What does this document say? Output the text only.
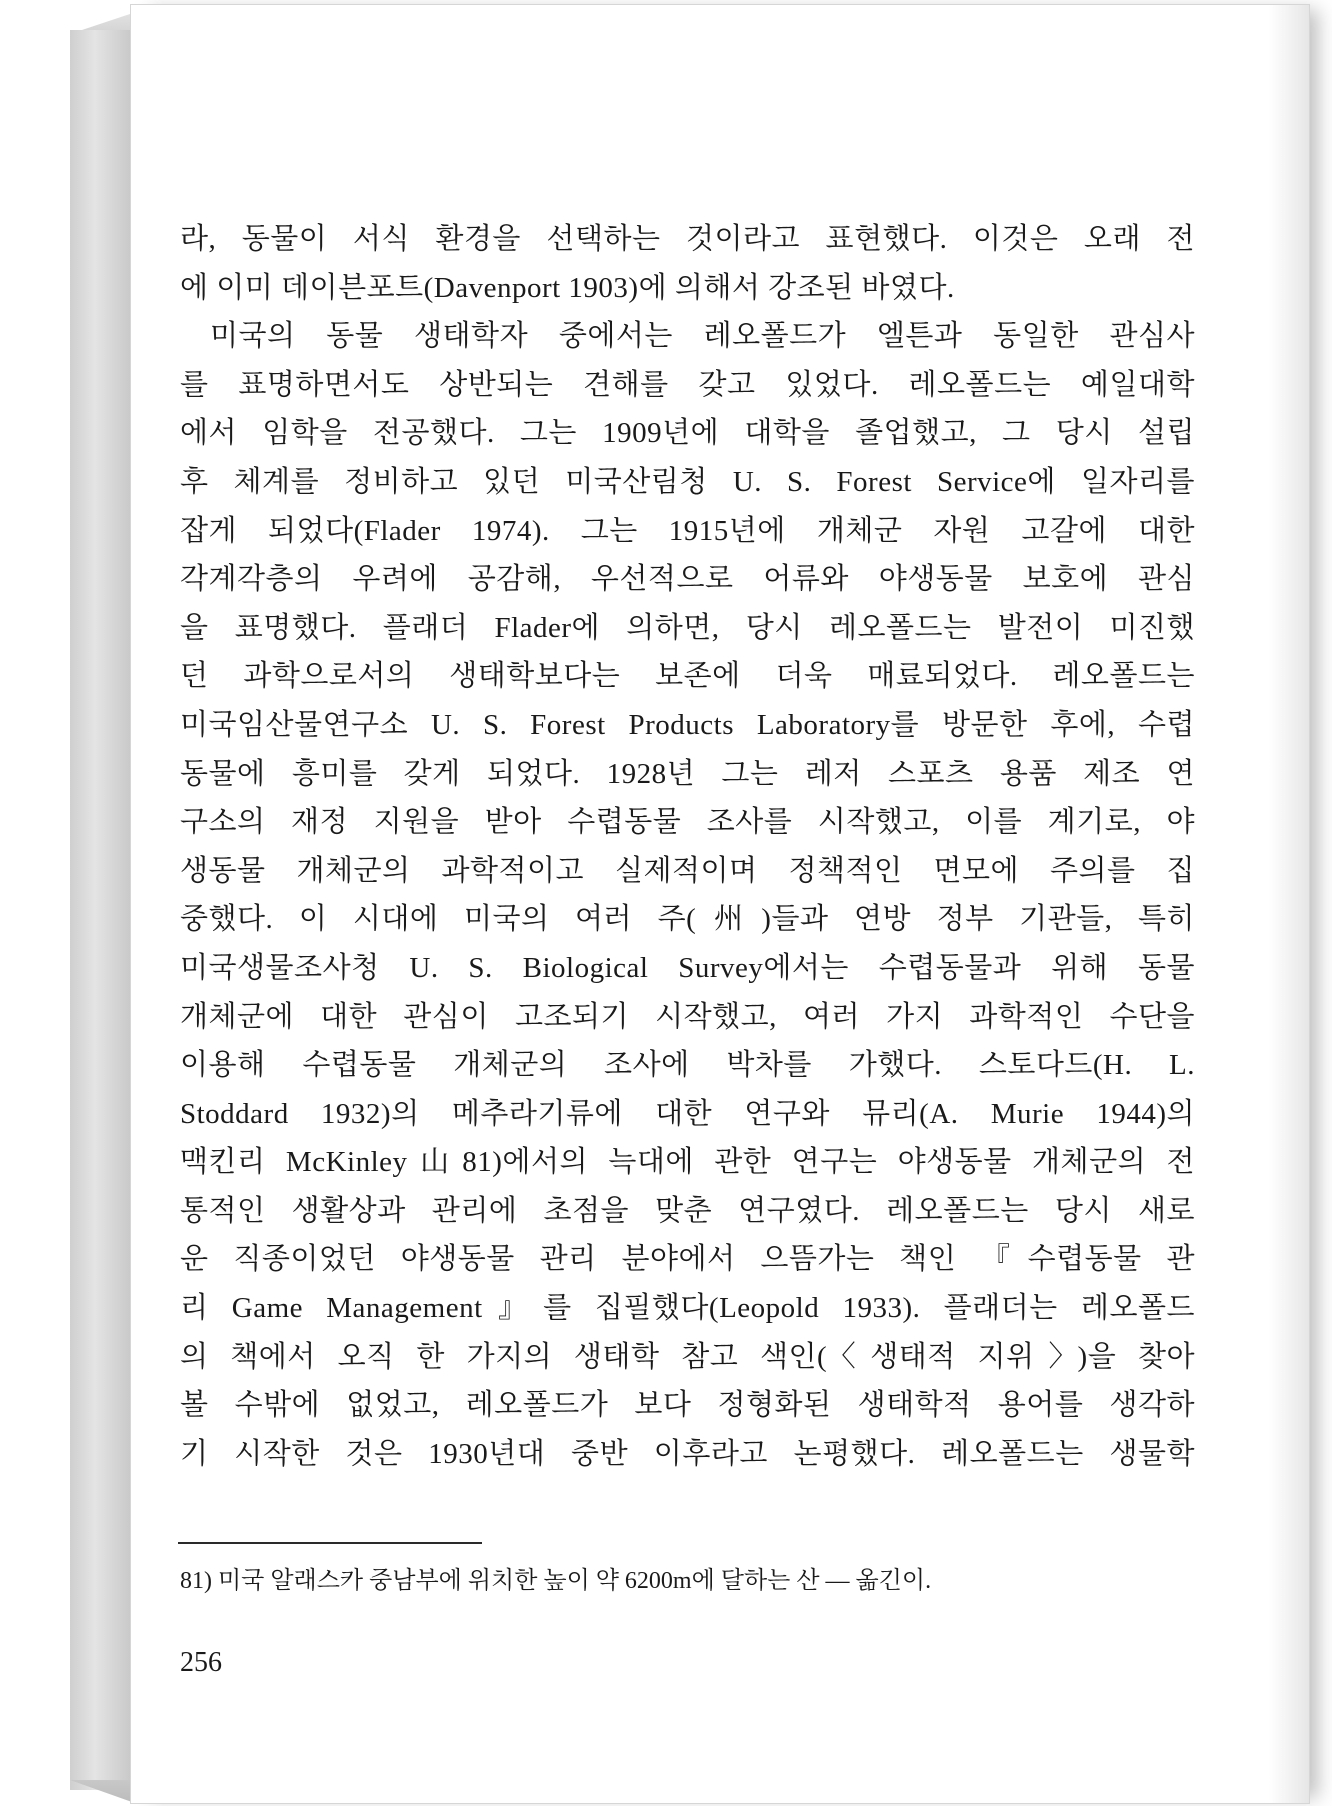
라, 동물이 서식 환경을 선택하는 것이라고 표현했다. 이것은 오래 전
에 이미 데이븐포트(Davenport 1903)에 의해서 강조된 바였다.
미국의 동물 생태학자 중에서는 레오폴드가 엘튼과 동일한 관심사
를 표명하면서도 상반되는 견해를 갖고 있었다. 레오폴드는 예일대학
에서 임학을 전공했다. 그는 1909년에 대학을 졸업했고, 그 당시 설립
후 체계를 정비하고 있던 미국산림청 U. S. Forest Service에 일자리를
잡게 되었다(Flader 1974). 그는 1915년에 개체군 자원 고갈에 대한
각계각층의 우려에 공감해, 우선적으로 어류와 야생동물 보호에 관심
을 표명했다. 플래더 Flader에 의하면, 당시 레오폴드는 발전이 미진했
던 과학으로서의 생태학보다는 보존에 더욱 매료되었다. 레오폴드는
미국임산물연구소 U. S. Forest Products Laboratory를 방문한 후에, 수렵
동물에 흥미를 갖게 되었다. 1928년 그는 레저 스포츠 용품 제조 연
구소의 재정 지원을 받아 수렵동물 조사를 시작했고, 이를 계기로, 야
생동물 개체군의 과학적이고 실제적이며 정책적인 면모에 주의를 집
중했다. 이 시대에 미국의 여러 주(州)들과 연방 정부 기관들, 특히
미국생물조사청 U. S. Biological Survey에서는 수렵동물과 위해 동물
개체군에 대한 관심이 고조되기 시작했고, 여러 가지 과학적인 수단을
이용해 수렵동물 개체군의 조사에 박차를 가했다. 스토다드(H. L.
Stoddard 1932)의 메추라기류에 대한 연구와 뮤리(A. Murie 1944)의
맥킨리 McKinley山81)에서의 늑대에 관한 연구는 야생동물 개체군의 전
통적인 생활상과 관리에 초점을 맞춘 연구였다. 레오폴드는 당시 새로
운 직종이었던 야생동물 관리 분야에서 으뜸가는 책인 『수렵동물 관
리 Game Management』를 집필했다(Leopold 1933). 플래더는 레오폴드
의 책에서 오직 한 가지의 생태학 참고 색인(〈생태적 지위〉)을 찾아
볼 수밖에 없었고, 레오폴드가 보다 정형화된 생태학적 용어를 생각하
기 시작한 것은 1930년대 중반 이후라고 논평했다. 레오폴드는 생물학
81) 미국 알래스카 중남부에 위치한 높이 약 6200m에 달하는 산 — 옮긴이.
256
